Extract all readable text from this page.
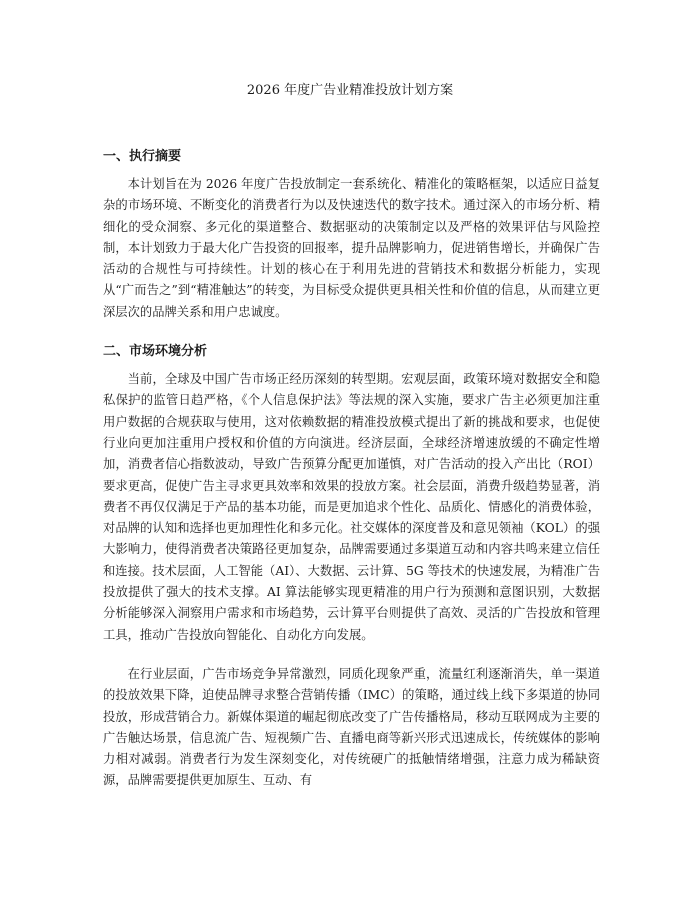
2026 年度广告业精准投放计划方案
一、执行摘要

本计划旨在为 2026 年度广告投放制定一套系统化、精准化的策略框架，以适应日益复杂的市场环境、不断变化的消费者行为以及快速迭代的数字技术。通过深入的市场分析、精细化的受众洞察、多元化的渠道整合、数据驱动的决策制定以及严格的效果评估与风险控制，本计划致力于最大化广告投资的回报率，提升品牌影响力，促进销售增长，并确保广告活动的合规性与可持续性。计划的核心在于利用先进的营销技术和数据分析能力，实现从“广而告之”到“精准触达”的转变，为目标受众提供更具相关性和价值的信息，从而建立更深层次的品牌关系和用户忠诚度。

二、市场环境分析

当前，全球及中国广告市场正经历深刻的转型期。宏观层面，政策环境对数据安全和隐私保护的监管日趋严格，《个人信息保护法》等法规的深入实施，要求广告主必须更加注重用户数据的合规获取与使用，这对依赖数据的精准投放模式提出了新的挑战和要求，也促使行业向更加注重用户授权和价值的方向演进。经济层面，全球经济增速放缓的不确定性增加，消费者信心指数波动，导致广告预算分配更加谨慎，对广告活动的投入产出比（ROI）要求更高，促使广告主寻求更具效率和效果的投放方案。社会层面，消费升级趋势显著，消费者不再仅仅满足于产品的基本功能，而是更加追求个性化、品质化、情感化的消费体验，对品牌的认知和选择也更加理性化和多元化。社交媒体的深度普及和意见领袖（KOL）的强大影响力，使得消费者决策路径更加复杂，品牌需要通过多渠道互动和内容共鸣来建立信任和连接。技术层面，人工智能（AI）、大数据、云计算、5G 等技术的快速发展，为精准广告投放提供了强大的技术支撑。AI 算法能够实现更精准的用户行为预测和意图识别，大数据分析能够深入洞察用户需求和市场趋势，云计算平台则提供了高效、灵活的广告投放和管理工具，推动广告投放向智能化、自动化方向发展。

在行业层面，广告市场竞争异常激烈，同质化现象严重，流量红利逐渐消失，单一渠道的投放效果下降，迫使品牌寻求整合营销传播（IMC）的策略，通过线上线下多渠道的协同投放，形成营销合力。新媒体渠道的崛起彻底改变了广告传播格局，移动互联网成为主要的广告触达场景，信息流广告、短视频广告、直播电商等新兴形式迅速成长，传统媒体的影响力相对减弱。消费者行为发生深刻变化，对传统硬广的抵触情绪增强，注意力成为稀缺资源，品牌需要提供更加原生、互动、有
